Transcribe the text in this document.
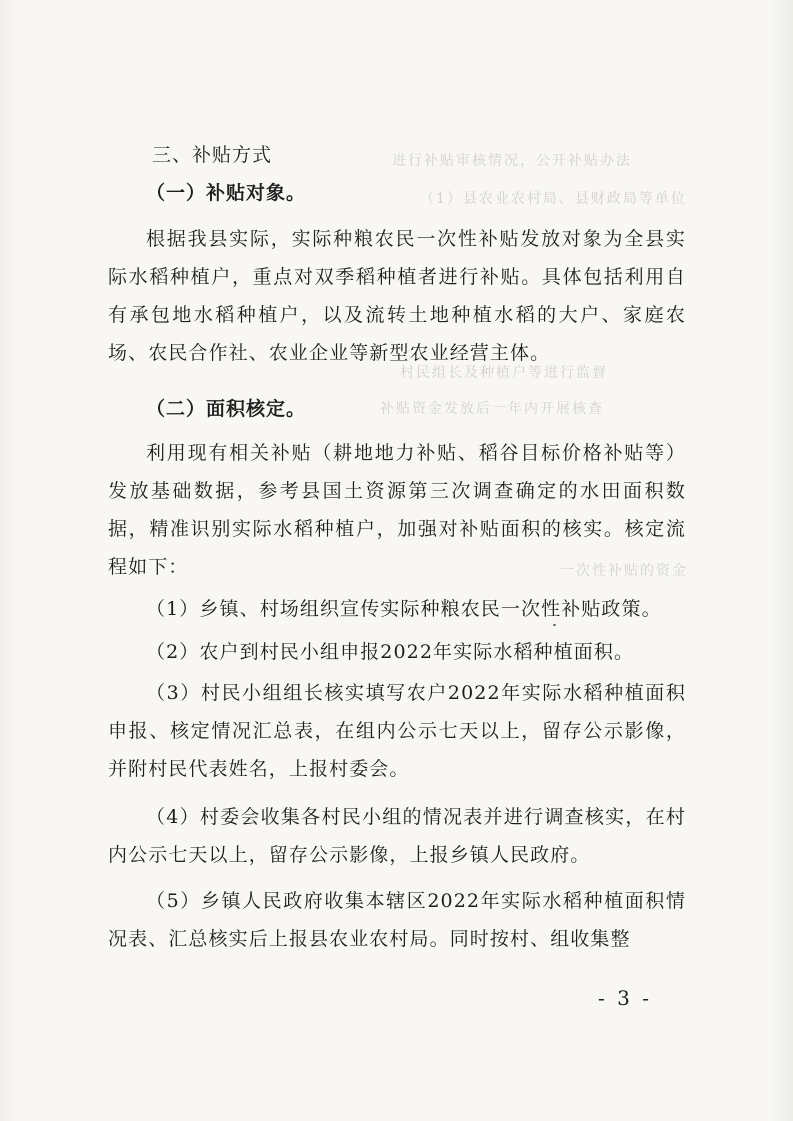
进行补贴审核情况，公开补贴办法
（1）县农业农村局、县财政局等单位
村民组长及种植户等进行监督
补贴资金发放后一年内开展核查
一次性补贴的资金
三、补贴方式
（一）补贴对象。
根据我县实际，实际种粮农民一次性补贴发放对象为全县实际水稻种植户，重点对双季稻种植者进行补贴。具体包括利用自有承包地水稻种植户，以及流转土地种植水稻的大户、家庭农场、农民合作社、农业企业等新型农业经营主体。
（二）面积核定。
利用现有相关补贴（耕地地力补贴、稻谷目标价格补贴等）发放基础数据，参考县国土资源第三次调查确定的水田面积数据，精准识别实际水稻种植户，加强对补贴面积的核实。核定流程如下：
（1）乡镇、村场组织宣传实际种粮农民一次性补贴政策。
（2）农户到村民小组申报2022年实际水稻种植面积。
（3）村民小组组长核实填写农户2022年实际水稻种植面积申报、核定情况汇总表，在组内公示七天以上，留存公示影像，并附村民代表姓名，上报村委会。
（4）村委会收集各村民小组的情况表并进行调查核实，在村内公示七天以上，留存公示影像，上报乡镇人民政府。
（5）乡镇人民政府收集本辖区2022年实际水稻种植面积情况表、汇总核实后上报县农业农村局。同时按村、组收集整
- 3 -
